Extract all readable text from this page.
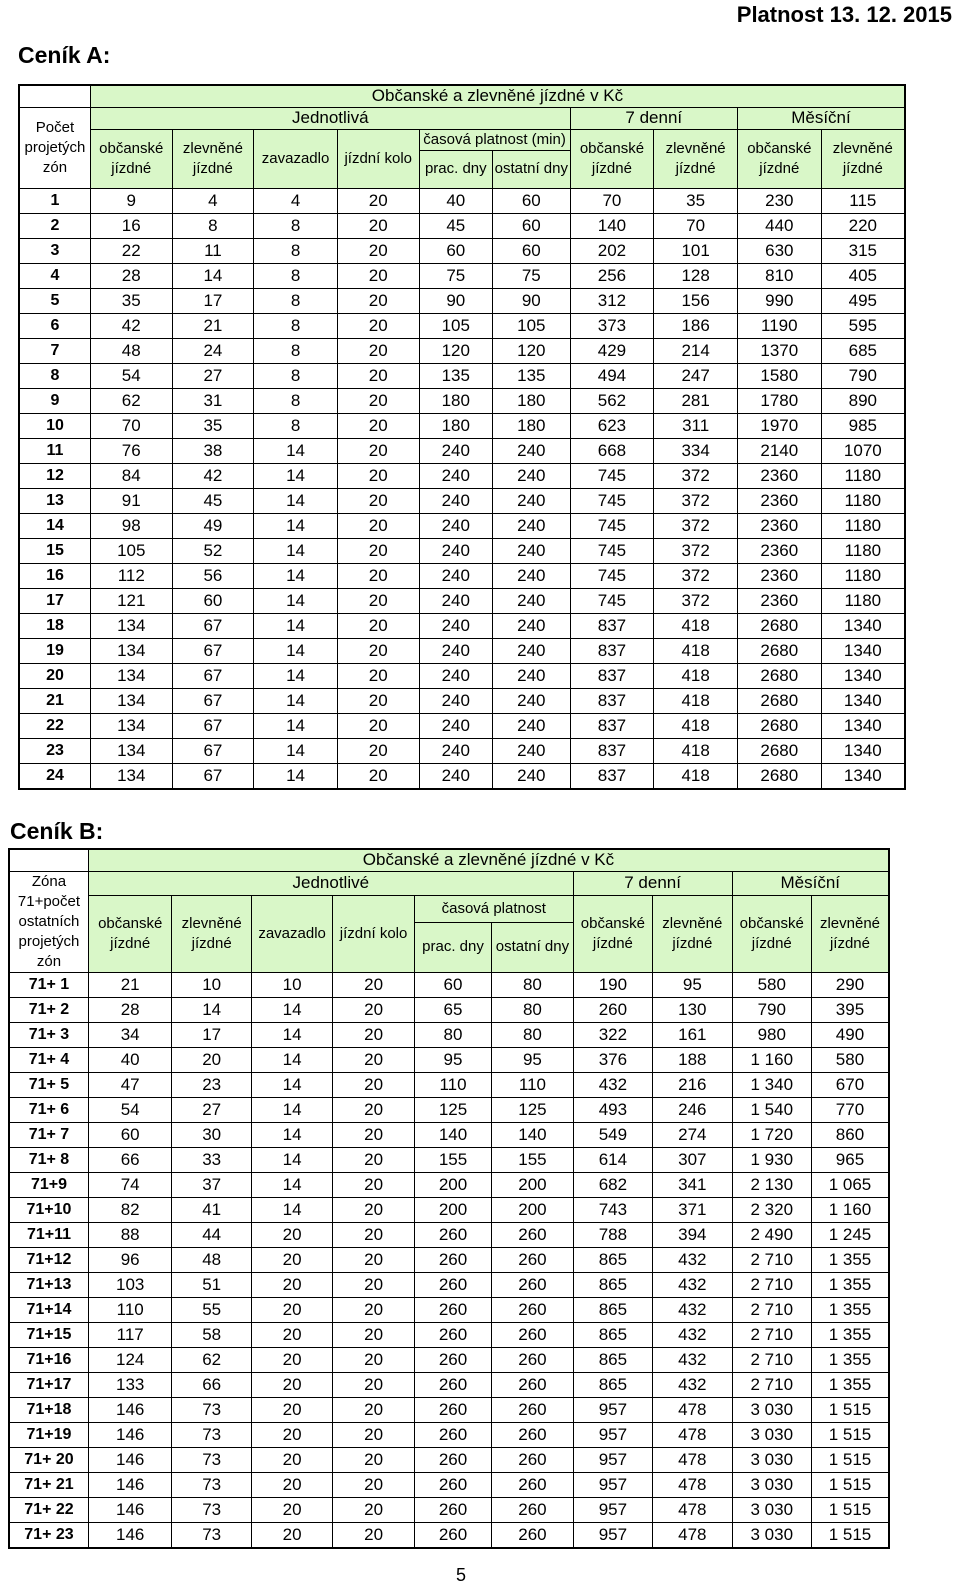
Platnost 13. 12. 2015
Ceník A:
	Občanské a zlevněné jízdné v Kč									
Počet projetých zón	Jednotlivá						7 denní		Měsíční	
	občanské jízdné	zlevněné jízdné	zavazadlo	jízdní kolo	časová platnost (min)		občanské jízdné	zlevněné jízdné	občanské jízdné	zlevněné jízdné
					prac. dny	ostatní dny				
1	9	4	4	20	40	60	70	35	230	115
2	16	8	8	20	45	60	140	70	440	220
3	22	11	8	20	60	60	202	101	630	315
4	28	14	8	20	75	75	256	128	810	405
5	35	17	8	20	90	90	312	156	990	495
6	42	21	8	20	105	105	373	186	1190	595
7	48	24	8	20	120	120	429	214	1370	685
8	54	27	8	20	135	135	494	247	1580	790
9	62	31	8	20	180	180	562	281	1780	890
10	70	35	8	20	180	180	623	311	1970	985
11	76	38	14	20	240	240	668	334	2140	1070
12	84	42	14	20	240	240	745	372	2360	1180
13	91	45	14	20	240	240	745	372	2360	1180
14	98	49	14	20	240	240	745	372	2360	1180
15	105	52	14	20	240	240	745	372	2360	1180
16	112	56	14	20	240	240	745	372	2360	1180
17	121	60	14	20	240	240	745	372	2360	1180
18	134	67	14	20	240	240	837	418	2680	1340
19	134	67	14	20	240	240	837	418	2680	1340
20	134	67	14	20	240	240	837	418	2680	1340
21	134	67	14	20	240	240	837	418	2680	1340
22	134	67	14	20	240	240	837	418	2680	1340
23	134	67	14	20	240	240	837	418	2680	1340
24	134	67	14	20	240	240	837	418	2680	1340
Ceník B:
	Občanské a zlevněné jízdné v Kč									
Zóna 71+počet ostatních projetých zón	Jednotlivé						7 denní		Měsíční	
	občanské jízdné	zlevněné jízdné	zavazadlo	jízdní kolo	časová platnost		občanské jízdné	zlevněné jízdné	občanské jízdné	zlevněné jízdné
					prac. dny	ostatní dny				
71+ 1	21	10	10	20	60	80	190	95	580	290
71+ 2	28	14	14	20	65	80	260	130	790	395
71+ 3	34	17	14	20	80	80	322	161	980	490
71+ 4	40	20	14	20	95	95	376	188	1 160	580
71+ 5	47	23	14	20	110	110	432	216	1 340	670
71+ 6	54	27	14	20	125	125	493	246	1 540	770
71+ 7	60	30	14	20	140	140	549	274	1 720	860
71+ 8	66	33	14	20	155	155	614	307	1 930	965
71+9	74	37	14	20	200	200	682	341	2 130	1 065
71+10	82	41	14	20	200	200	743	371	2 320	1 160
71+11	88	44	20	20	260	260	788	394	2 490	1 245
71+12	96	48	20	20	260	260	865	432	2 710	1 355
71+13	103	51	20	20	260	260	865	432	2 710	1 355
71+14	110	55	20	20	260	260	865	432	2 710	1 355
71+15	117	58	20	20	260	260	865	432	2 710	1 355
71+16	124	62	20	20	260	260	865	432	2 710	1 355
71+17	133	66	20	20	260	260	865	432	2 710	1 355
71+18	146	73	20	20	260	260	957	478	3 030	1 515
71+19	146	73	20	20	260	260	957	478	3 030	1 515
71+ 20	146	73	20	20	260	260	957	478	3 030	1 515
71+ 21	146	73	20	20	260	260	957	478	3 030	1 515
71+ 22	146	73	20	20	260	260	957	478	3 030	1 515
71+ 23	146	73	20	20	260	260	957	478	3 030	1 515
5
